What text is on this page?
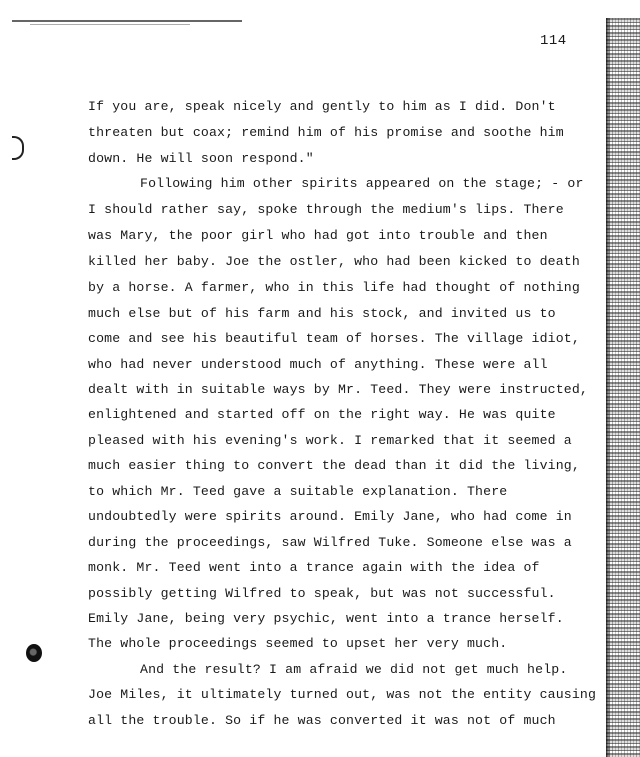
114
If you are, speak nicely and gently to him as I did. Don't
threaten but coax; remind him of his promise and soothe him
down. He will soon respond."
Following him other spirits appeared on the stage; - or
I should rather say, spoke through the medium's lips. There
was Mary, the poor girl who had got into trouble and then
killed her baby. Joe the ostler, who had been kicked to death
by a horse. A farmer, who in this life had thought of nothing
much else but of his farm and his stock, and invited us to
come and see his beautiful team of horses. The village idiot,
who had never understood much of anything. These were all
dealt with in suitable ways by Mr. Teed. They were instructed,
enlightened and started off on the right way. He was quite
pleased with his evening's work. I remarked that it seemed a
much easier thing to convert the dead than it did the living,
to which Mr. Teed gave a suitable explanation. There
undoubtedly were spirits around. Emily Jane, who had come in
during the proceedings, saw Wilfred Tuke. Someone else was a
monk. Mr. Teed went into a trance again with the idea of
possibly getting Wilfred to speak, but was not successful.
Emily Jane, being very psychic, went into a trance herself.
The whole proceedings seemed to upset her very much.
And the result? I am afraid we did not get much help.
Joe Miles, it ultimately turned out, was not the entity causing
all the trouble. So if he was converted it was not of much
